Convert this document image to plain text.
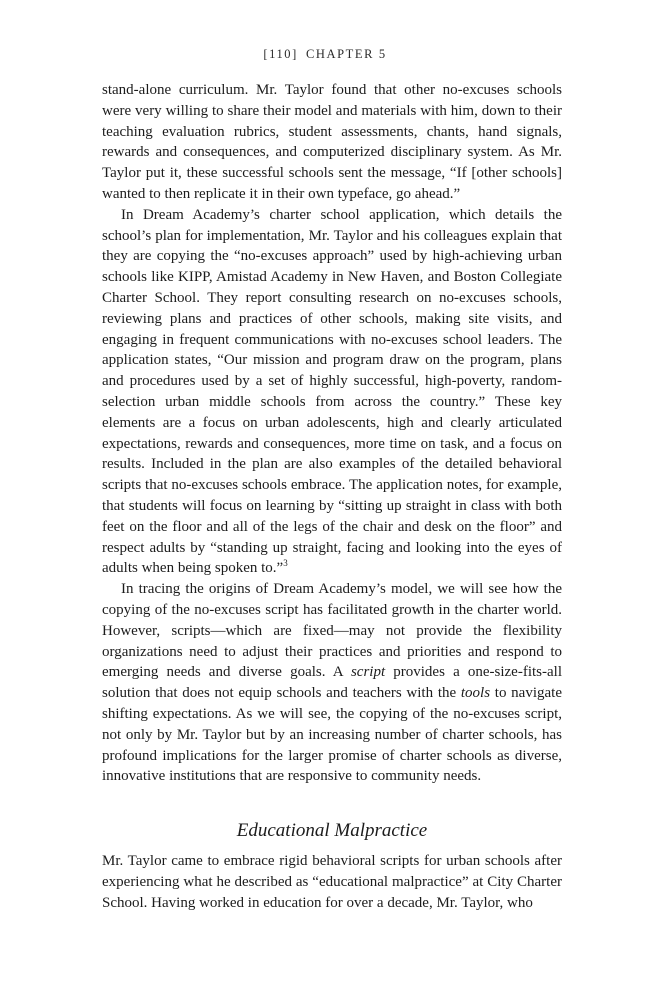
[110] CHAPTER 5

stand-alone curriculum. Mr. Taylor found that other no-excuses schools were very willing to share their model and materials with him, down to their teaching evaluation rubrics, student assessments, chants, hand signals, rewards and consequences, and computerized disciplinary system. As Mr. Taylor put it, these successful schools sent the message, “If [other schools] wanted to then replicate it in their own typeface, go ahead.”

In Dream Academy’s charter school application, which details the school’s plan for implementation, Mr. Taylor and his colleagues explain that they are copying the “no-excuses approach” used by high-achieving urban schools like KIPP, Amistad Academy in New Haven, and Boston Collegiate Charter School. They report consulting research on no-excuses schools, reviewing plans and practices of other schools, making site visits, and engaging in frequent communications with no-excuses school leaders. The application states, “Our mission and program draw on the program, plans and procedures used by a set of highly successful, high-poverty, random-selection urban middle schools from across the country.” These key elements are a focus on urban adolescents, high and clearly articulated expectations, rewards and consequences, more time on task, and a focus on results. Included in the plan are also examples of the detailed behavioral scripts that no-excuses schools embrace. The application notes, for example, that students will focus on learning by “sitting up straight in class with both feet on the floor and all of the legs of the chair and desk on the floor” and respect adults by “standing up straight, facing and looking into the eyes of adults when being spoken to.”$^3$

In tracing the origins of Dream Academy’s model, we will see how the copying of the no-excuses script has facilitated growth in the charter world. However, scripts—which are fixed—may not provide the flexibility organizations need to adjust their practices and priorities and respond to emerging needs and diverse goals. A script provides a one-size-fits-all solution that does not equip schools and teachers with the tools to navigate shifting expectations. As we will see, the copying of the no-excuses script, not only by Mr. Taylor but by an increasing number of charter schools, has profound implications for the larger promise of charter schools as diverse, innovative institutions that are responsive to community needs.

Educational Malpractice

Mr. Taylor came to embrace rigid behavioral scripts for urban schools after experiencing what he described as “educational malpractice” at City Charter School. Having worked in education for over a decade, Mr. Taylor, who
